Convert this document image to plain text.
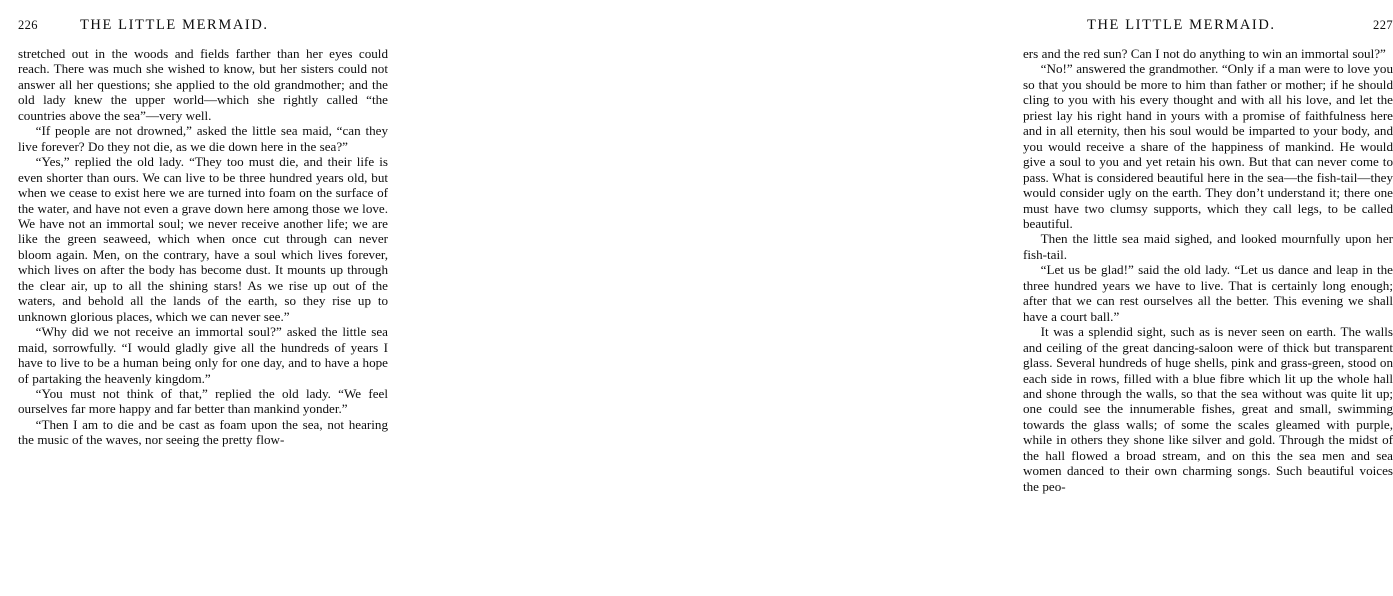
226	THE LITTLE MERMAID.

stretched out in the woods and fields farther than her eyes could reach. There was much she wished to know, but her sisters could not answer all her questions; she applied to the old grandmother; and the old lady knew the upper world—which she rightly called “the countries above the sea”—very well.

“If people are not drowned,” asked the little sea maid, “can they live forever? Do they not die, as we die down here in the sea?”

“Yes,” replied the old lady. “They too must die, and their life is even shorter than ours. We can live to be three hundred years old, but when we cease to exist here we are turned into foam on the surface of the water, and have not even a grave down here among those we love. We have not an immortal soul; we never receive another life; we are like the green seaweed, which when once cut through can never bloom again. Men, on the contrary, have a soul which lives forever, which lives on after the body has become dust. It mounts up through the clear air, up to all the shining stars! As we rise up out of the waters, and behold all the lands of the earth, so they rise up to unknown glorious places, which we can never see.”

“Why did we not receive an immortal soul?” asked the little sea maid, sorrowfully. “I would gladly give all the hundreds of years I have to live to be a human being only for one day, and to have a hope of partaking the heavenly kingdom.”

“You must not think of that,” replied the old lady. “We feel ourselves far more happy and far better than mankind yonder.”

“Then I am to die and be cast as foam upon the sea, not hearing the music of the waves, nor seeing the pretty flow-

THE LITTLE MERMAID.	227

ers and the red sun? Can I not do anything to win an immortal soul?”

“No!” answered the grandmother. “Only if a man were to love you so that you should be more to him than father or mother; if he should cling to you with his every thought and with all his love, and let the priest lay his right hand in yours with a promise of faithfulness here and in all eternity, then his soul would be imparted to your body, and you would receive a share of the happiness of mankind. He would give a soul to you and yet retain his own. But that can never come to pass. What is considered beautiful here in the sea—the fish-tail—they would consider ugly on the earth. They don’t understand it; there one must have two clumsy supports, which they call legs, to be called beautiful.

Then the little sea maid sighed, and looked mournfully upon her fish-tail.

“Let us be glad!” said the old lady. “Let us dance and leap in the three hundred years we have to live. That is certainly long enough; after that we can rest ourselves all the better. This evening we shall have a court ball.”

It was a splendid sight, such as is never seen on earth. The walls and ceiling of the great dancing-saloon were of thick but transparent glass. Several hundreds of huge shells, pink and grass-green, stood on each side in rows, filled with a blue fibre which lit up the whole hall and shone through the walls, so that the sea without was quite lit up; one could see the innumerable fishes, great and small, swimming towards the glass walls; of some the scales gleamed with purple, while in others they shone like silver and gold. Through the midst of the hall flowed a broad stream, and on this the sea men and sea women danced to their own charming songs. Such beautiful voices the peo-
